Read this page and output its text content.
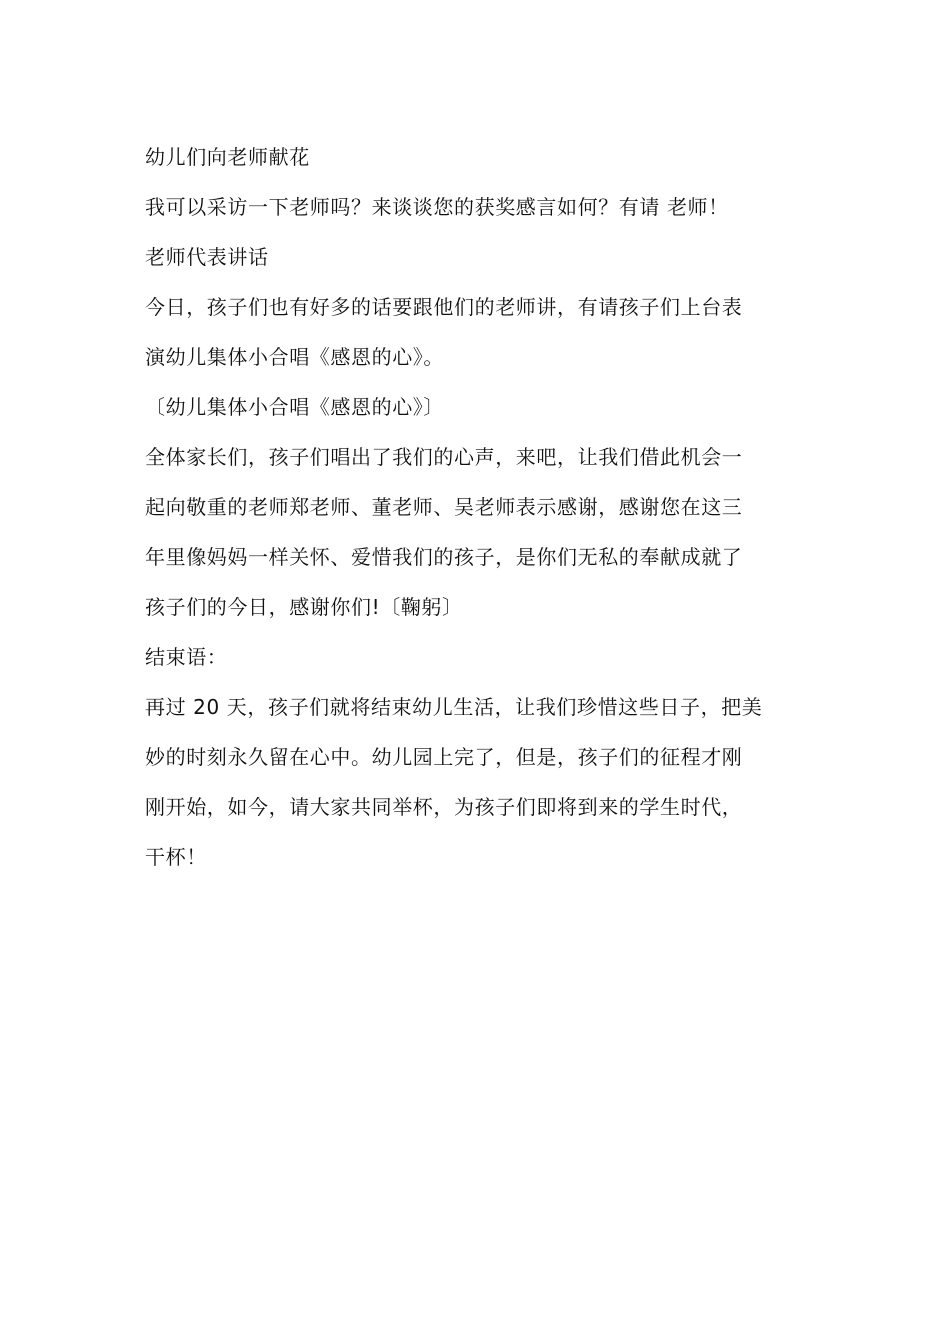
幼儿们向老师献花
我可以采访一下老师吗？来谈谈您的获奖感言如何？有请 老师！
老师代表讲话
今日，孩子们也有好多的话要跟他们的老师讲，有请孩子们上台表
演幼儿集体小合唱《感恩的心》。
〔幼儿集体小合唱《感恩的心》〕
全体家长们，孩子们唱出了我们的心声，来吧，让我们借此机会一
起向敬重的老师郑老师、董老师、吴老师表示感谢，感谢您在这三
年里像妈妈一样关怀、爱惜我们的孩子，是你们无私的奉献成就了
孩子们的今日，感谢你们!〔鞠躬〕
结束语：
再过 20 天，孩子们就将结束幼儿生活，让我们珍惜这些日子，把美
妙的时刻永久留在心中。幼儿园上完了，但是，孩子们的征程才刚
刚开始，如今，请大家共同举杯，为孩子们即将到来的学生时代，
干杯！
